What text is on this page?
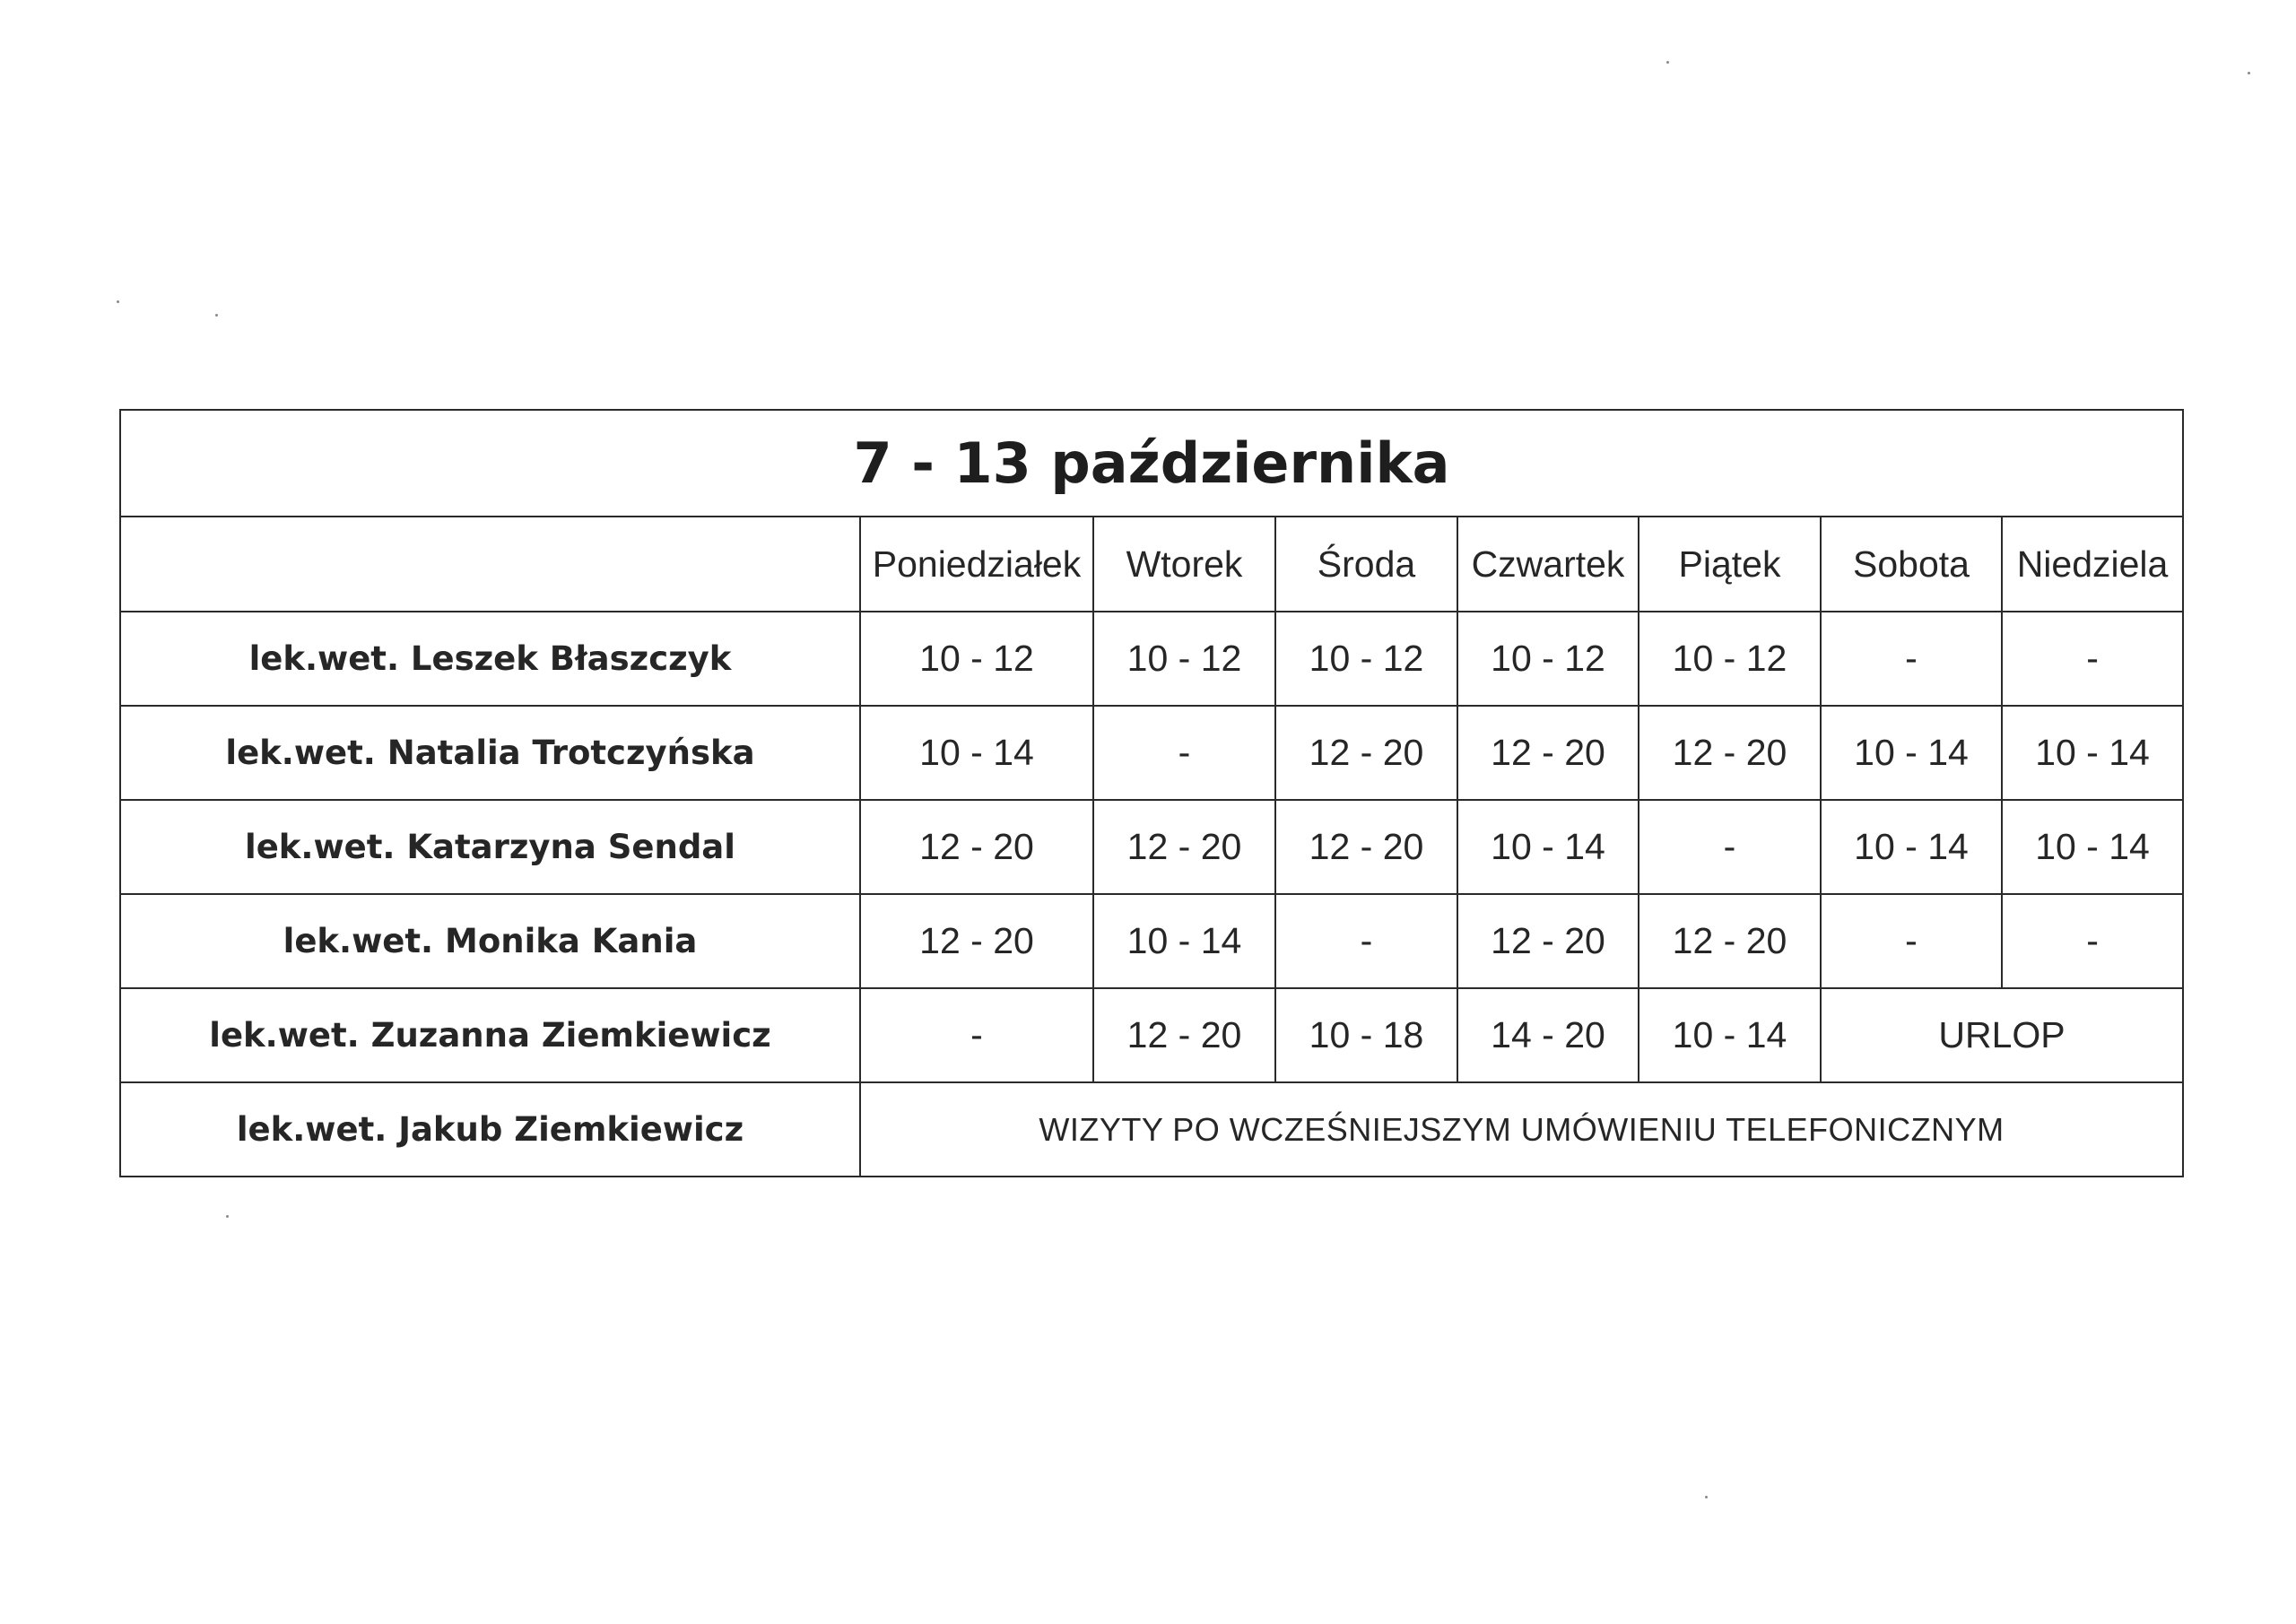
7 - 13 października							
	Poniedziałek	Wtorek	Środa	Czwartek	Piątek	Sobota	Niedziela
lek.wet. Leszek Błaszczyk	10 - 12	10 - 12	10 - 12	10 - 12	10 - 12	-	-
lek.wet. Natalia Trotczyńska	10 - 14	-	12 - 20	12 - 20	12 - 20	10 - 14	10 - 14
lek.wet. Katarzyna Sendal	12 - 20	12 - 20	12 - 20	10 - 14	-	10 - 14	10 - 14
lek.wet. Monika Kania	12 - 20	10 - 14	-	12 - 20	12 - 20	-	-
lek.wet. Zuzanna Ziemkiewicz	-	12 - 20	10 - 18	14 - 20	10 - 14	URLOP	
lek.wet. Jakub Ziemkiewicz	WIZYTY PO WCZEŚNIEJSZYM UMÓWIENIU TELEFONICZNYM						
